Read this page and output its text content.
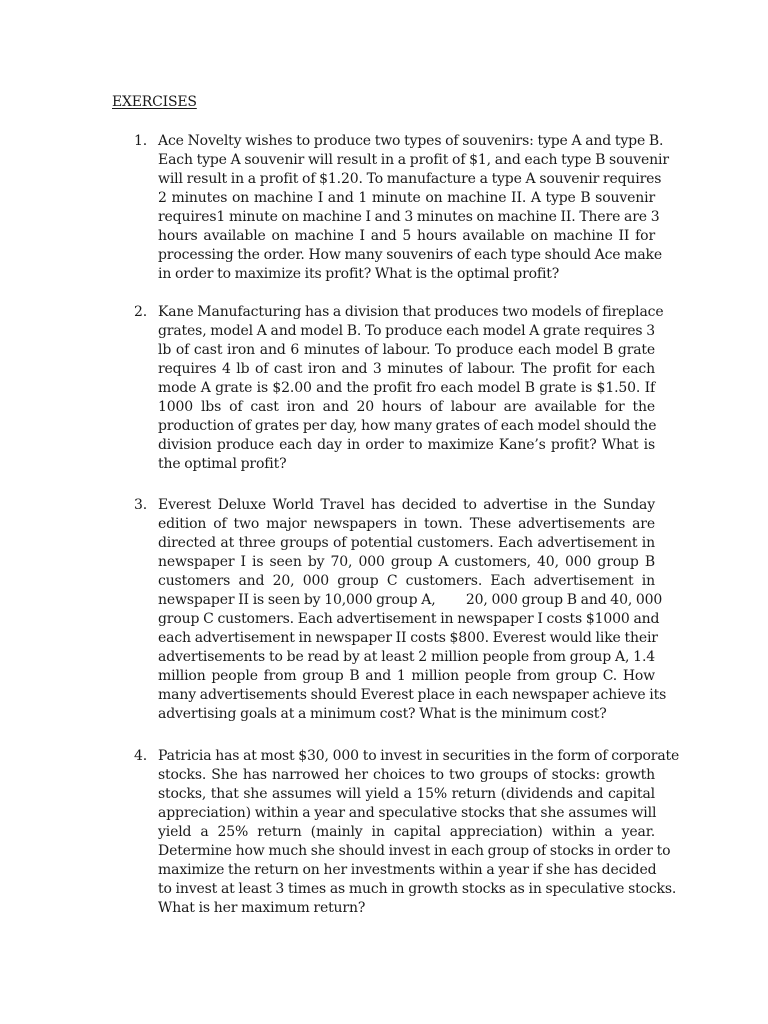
EXERCISES
1. Ace Novelty wishes to produce two types of souvenirs: type A and type B.
Each type A souvenir will result in a profit of $1, and each type B souvenir
will result in a profit of $1.20. To manufacture a type A souvenir requires
2 minutes on machine I and 1 minute on machine II. A type B souvenir
requires1 minute on machine I and 3 minutes on machine II. There are 3
hours available on machine I and 5 hours available on machine II for
processing the order. How many souvenirs of each type should Ace make
in order to maximize its profit? What is the optimal profit?
2. Kane Manufacturing has a division that produces two models of fireplace
grates, model A and model B. To produce each model A grate requires 3
lb of cast iron and 6 minutes of labour. To produce each model B grate
requires 4 lb of cast iron and 3 minutes of labour. The profit for each
mode A grate is $2.00 and the profit fro each model B grate is $1.50. If
1000 lbs of cast iron and 20 hours of labour are available for the
production of grates per day, how many grates of each model should the
division produce each day in order to maximize Kane’s profit? What is
the optimal profit?
3. Everest Deluxe World Travel has decided to advertise in the Sunday
edition of two major newspapers in town. These advertisements are
directed at three groups of potential customers. Each advertisement in
newspaper I is seen by 70, 000 group A customers, 40, 000 group B
customers and 20, 000 group C customers. Each advertisement in
newspaper II is seen by 10,000 group A,        20, 000 group B and 40, 000
group C customers. Each advertisement in newspaper I costs $1000 and
each advertisement in newspaper II costs $800. Everest would like their
advertisements to be read by at least 2 million people from group A, 1.4
million people from group B and 1 million people from group C. How
many advertisements should Everest place in each newspaper achieve its
advertising goals at a minimum cost? What is the minimum cost?
4. Patricia has at most $30, 000 to invest in securities in the form of corporate
stocks. She has narrowed her choices to two groups of stocks: growth
stocks, that she assumes will yield a 15% return (dividends and capital
appreciation) within a year and speculative stocks that she assumes will
yield a 25% return (mainly in capital appreciation) within a year.
Determine how much she should invest in each group of stocks in order to
maximize the return on her investments within a year if she has decided
to invest at least 3 times as much in growth stocks as in speculative stocks.
What is her maximum return?
